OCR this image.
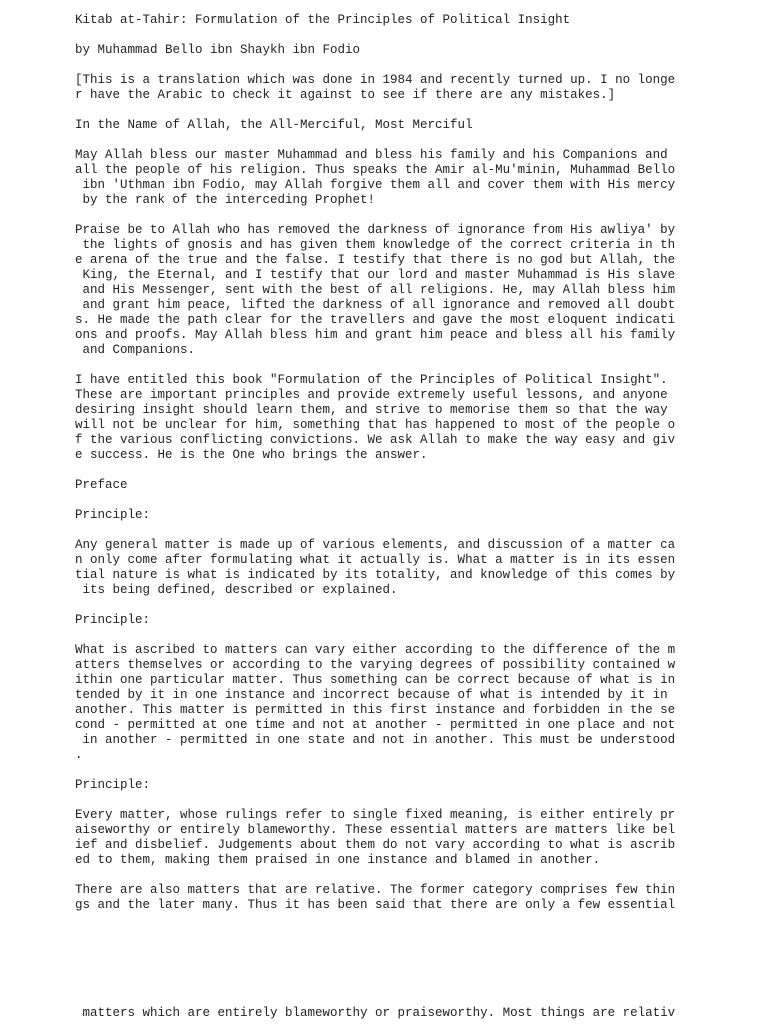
Kitab at-Tahir: Formulation of the Principles of Political Insight
by Muhammad Bello ibn Shaykh ibn Fodio
[This is a translation which was done in 1984 and recently turned up. I no longe
r have the Arabic to check it against to see if there are any mistakes.]
In the Name of Allah, the All-Merciful, Most Merciful
May Allah bless our master Muhammad and bless his family and his Companions and
all the people of his religion. Thus speaks the Amir al-Mu'minin, Muhammad Bello
ibn 'Uthman ibn Fodio, may Allah forgive them all and cover them with His mercy
by the rank of the interceding Prophet!
Praise be to Allah who has removed the darkness of ignorance from His awliya' by
the lights of gnosis and has given them knowledge of the correct criteria in th
e arena of the true and the false. I testify that there is no god but Allah, the
King, the Eternal, and I testify that our lord and master Muhammad is His slave
and His Messenger, sent with the best of all religions. He, may Allah bless him
and grant him peace, lifted the darkness of all ignorance and removed all doubt
s. He made the path clear for the travellers and gave the most eloquent indicati
ons and proofs. May Allah bless him and grant him peace and bless all his family
and Companions.
I have entitled this book "Formulation of the Principles of Political Insight".
These are important principles and provide extremely useful lessons, and anyone
desiring insight should learn them, and strive to memorise them so that the way
will not be unclear for him, something that has happened to most of the people o
f the various conflicting convictions. We ask Allah to make the way easy and giv
e success. He is the One who brings the answer.
Preface
Principle:
Any general matter is made up of various elements, and discussion of a matter ca
n only come after formulating what it actually is. What a matter is in its essen
tial nature is what is indicated by its totality, and knowledge of this comes by
its being defined, described or explained.
Principle:
What is ascribed to matters can vary either according to the difference of the m
atters themselves or according to the varying degrees of possibility contained w
ithin one particular matter. Thus something can be correct because of what is in
tended by it in one instance and incorrect because of what is intended by it in
another. This matter is permitted in this first instance and forbidden in the se
cond - permitted at one time and not at another - permitted in one place and not
in another - permitted in one state and not in another. This must be understood
.
Principle:
Every matter, whose rulings refer to single fixed meaning, is either entirely pr
aiseworthy or entirely blameworthy. These essential matters are matters like bel
ief and disbelief. Judgements about them do not vary according to what is ascrib
ed to them, making them praised in one instance and blamed in another.
There are also matters that are relative. The former category comprises few thin
gs and the later many. Thus it has been said that there are only a few essential
matters which are entirely blameworthy or praiseworthy. Most things are relativ
